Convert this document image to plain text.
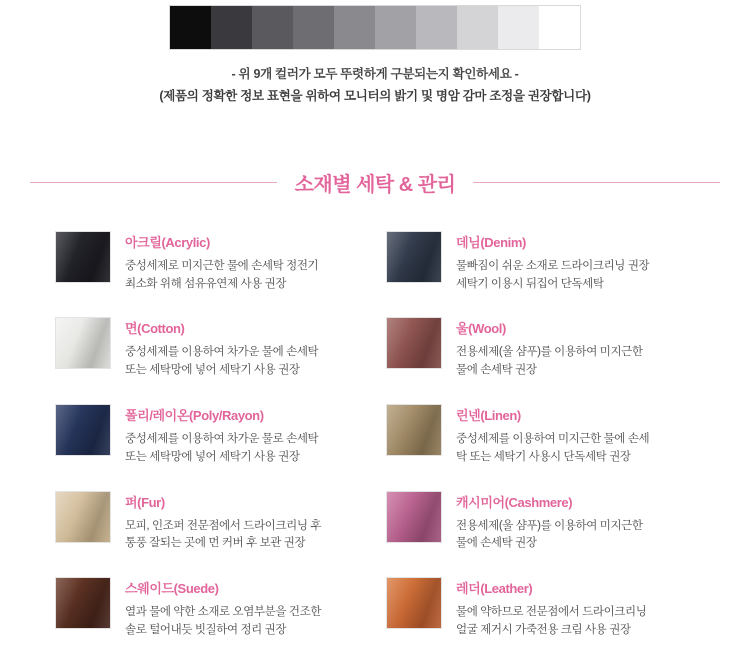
- 위 9개 컬러가 모두 뚜렷하게 구분되는지 확인하세요 -
(제품의 정확한 정보 표현을 위하여 모니터의 밝기 및 명암 감마 조정을 권장합니다)
소재별 세탁 & 관리
아크릴(Acrylic)
중성세제로 미지근한 물에 손세탁 정전기
최소화 위해 섬유유연제 사용 권장
데님(Denim)
물빠짐이 쉬운 소재로 드라이크리닝 권장
세탁기 이용시 뒤집어 단독세탁
면(Cotton)
중성세제를 이용하여 차가운 물에 손세탁
또는 세탁망에 넣어 세탁기 사용 권장
울(Wool)
전용세제(울 샴푸)를 이용하여 미지근한
물에 손세탁 권장
폴리/레이온(Poly/Rayon)
중성세제를 이용하여 차가운 물로 손세탁
또는 세탁망에 넣어 세탁기 사용 권장
린넨(Linen)
중성세제를 이용하여 미지근한 물에 손세
탁 또는 세탁기 사용시 단독세탁 권장
퍼(Fur)
모피, 인조퍼 전문점에서 드라이크리닝 후
통풍 잘되는 곳에 먼 커버 후 보관 권장
캐시미어(Cashmere)
전용세제(울 샴푸)를 이용하여 미지근한
물에 손세탁 권장
스웨이드(Suede)
열과 물에 약한 소재로 오염부분을 건조한
솔로 털어내듯 빗질하여 정리 권장
레더(Leather)
물에 약하므로 전문점에서 드라이크리닝
얼굴 제거시 가죽전용 크림 사용 권장
